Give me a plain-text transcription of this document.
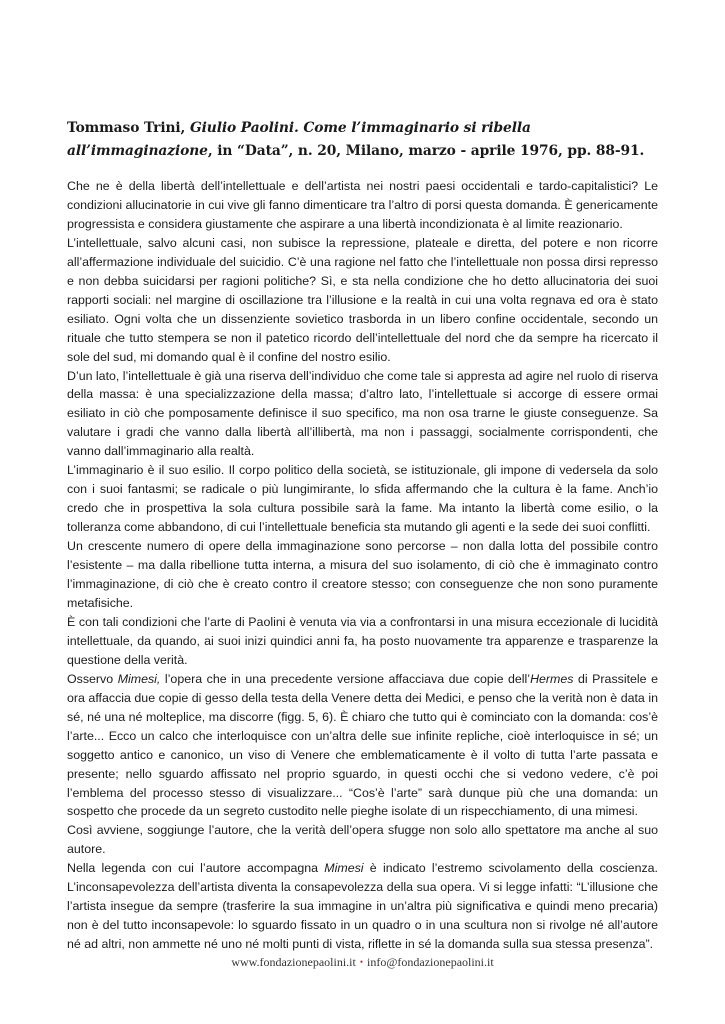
Tommaso Trini, Giulio Paolini. Come l’immaginario si ribella all’immaginazione, in “Data”, n. 20, Milano, marzo - aprile 1976, pp. 88-91.

Che ne è della libertà dell’intellettuale e dell’artista nei nostri paesi occidentali e tardo-capitalistici? Le condizioni allucinatorie in cui vive gli fanno dimenticare tra l’altro di porsi questa domanda. È genericamente progressista e considera giustamente che aspirare a una libertà incondizionata è al limite reazionario.

L’intellettuale, salvo alcuni casi, non subisce la repressione, plateale e diretta, del potere e non ricorre all’affermazione individuale del suicidio. C’è una ragione nel fatto che l’intellettuale non possa dirsi represso e non debba suicidarsi per ragioni politiche? Sì, e sta nella condizione che ho detto allucinatoria dei suoi rapporti sociali: nel margine di oscillazione tra l’illusione e la realtà in cui una volta regnava ed ora è stato esiliato. Ogni volta che un dissenziente sovietico trasborda in un libero confine occidentale, secondo un rituale che tutto stempera se non il patetico ricordo dell’intellettuale del nord che da sempre ha ricercato il sole del sud, mi domando qual è il confine del nostro esilio.

D’un lato, l’intellettuale è già una riserva dell’individuo che come tale si appresta ad agire nel ruolo di riserva della massa: è una specializzazione della massa; d’altro lato, l’intellettuale si accorge di essere ormai esiliato in ciò che pomposamente definisce il suo specifico, ma non osa trarne le giuste conseguenze. Sa valutare i gradi che vanno dalla libertà all’illibertà, ma non i passaggi, socialmente corrispondenti, che vanno dall’immaginario alla realtà.

L’immaginario è il suo esilio. Il corpo politico della società, se istituzionale, gli impone di vedersela da solo con i suoi fantasmi; se radicale o più lungimirante, lo sfida affermando che la cultura è la fame. Anch’io credo che in prospettiva la sola cultura possibile sarà la fame. Ma intanto la libertà come esilio, o la tolleranza come abbandono, di cui l’intellettuale beneficia sta mutando gli agenti e la sede dei suoi conflitti.

Un crescente numero di opere della immaginazione sono percorse – non dalla lotta del possibile contro l’esistente – ma dalla ribellione tutta interna, a misura del suo isolamento, di ciò che è immaginato contro l’immaginazione, di ciò che è creato contro il creatore stesso; con conseguenze che non sono puramente metafisiche.

È con tali condizioni che l’arte di Paolini è venuta via via a confrontarsi in una misura eccezionale di lucidità intellettuale, da quando, ai suoi inizi quindici anni fa, ha posto nuovamente tra apparenze e trasparenze la questione della verità.

Osservo Mimesi, l’opera che in una precedente versione affacciava due copie dell’Hermes di Prassitele e ora affaccia due copie di gesso della testa della Venere detta dei Medici, e penso che la verità non è data in sé, né una né molteplice, ma discorre (figg. 5, 6). È chiaro che tutto qui è cominciato con la domanda: cos’è l’arte... Ecco un calco che interloquisce con un’altra delle sue infinite repliche, cioè interloquisce in sé; un soggetto antico e canonico, un viso di Venere che emblematicamente è il volto di tutta l’arte passata e presente; nello sguardo affissato nel proprio sguardo, in questi occhi che si vedono vedere, c’è poi l’emblema del processo stesso di visualizzare... “Cos’è l’arte” sarà dunque più che una domanda: un sospetto che procede da un segreto custodito nelle pieghe isolate di un rispecchiamento, di una mimesi.

Così avviene, soggiunge l’autore, che la verità dell’opera sfugge non solo allo spettatore ma anche al suo autore.

Nella legenda con cui l’autore accompagna Mimesi è indicato l’estremo scivolamento della coscienza. L’inconsapevolezza dell’artista diventa la consapevolezza della sua opera. Vi si legge infatti: “L’illusione che l’artista insegue da sempre (trasferire la sua immagine in un’altra più significativa e quindi meno precaria) non è del tutto inconsapevole: lo sguardo fissato in un quadro o in una scultura non si rivolge né all’autore né ad altri, non ammette né uno né molti punti di vista, riflette in sé la domanda sulla sua stessa presenza”.

www.fondazionepaolini.it • info@fondazionepaolini.it
